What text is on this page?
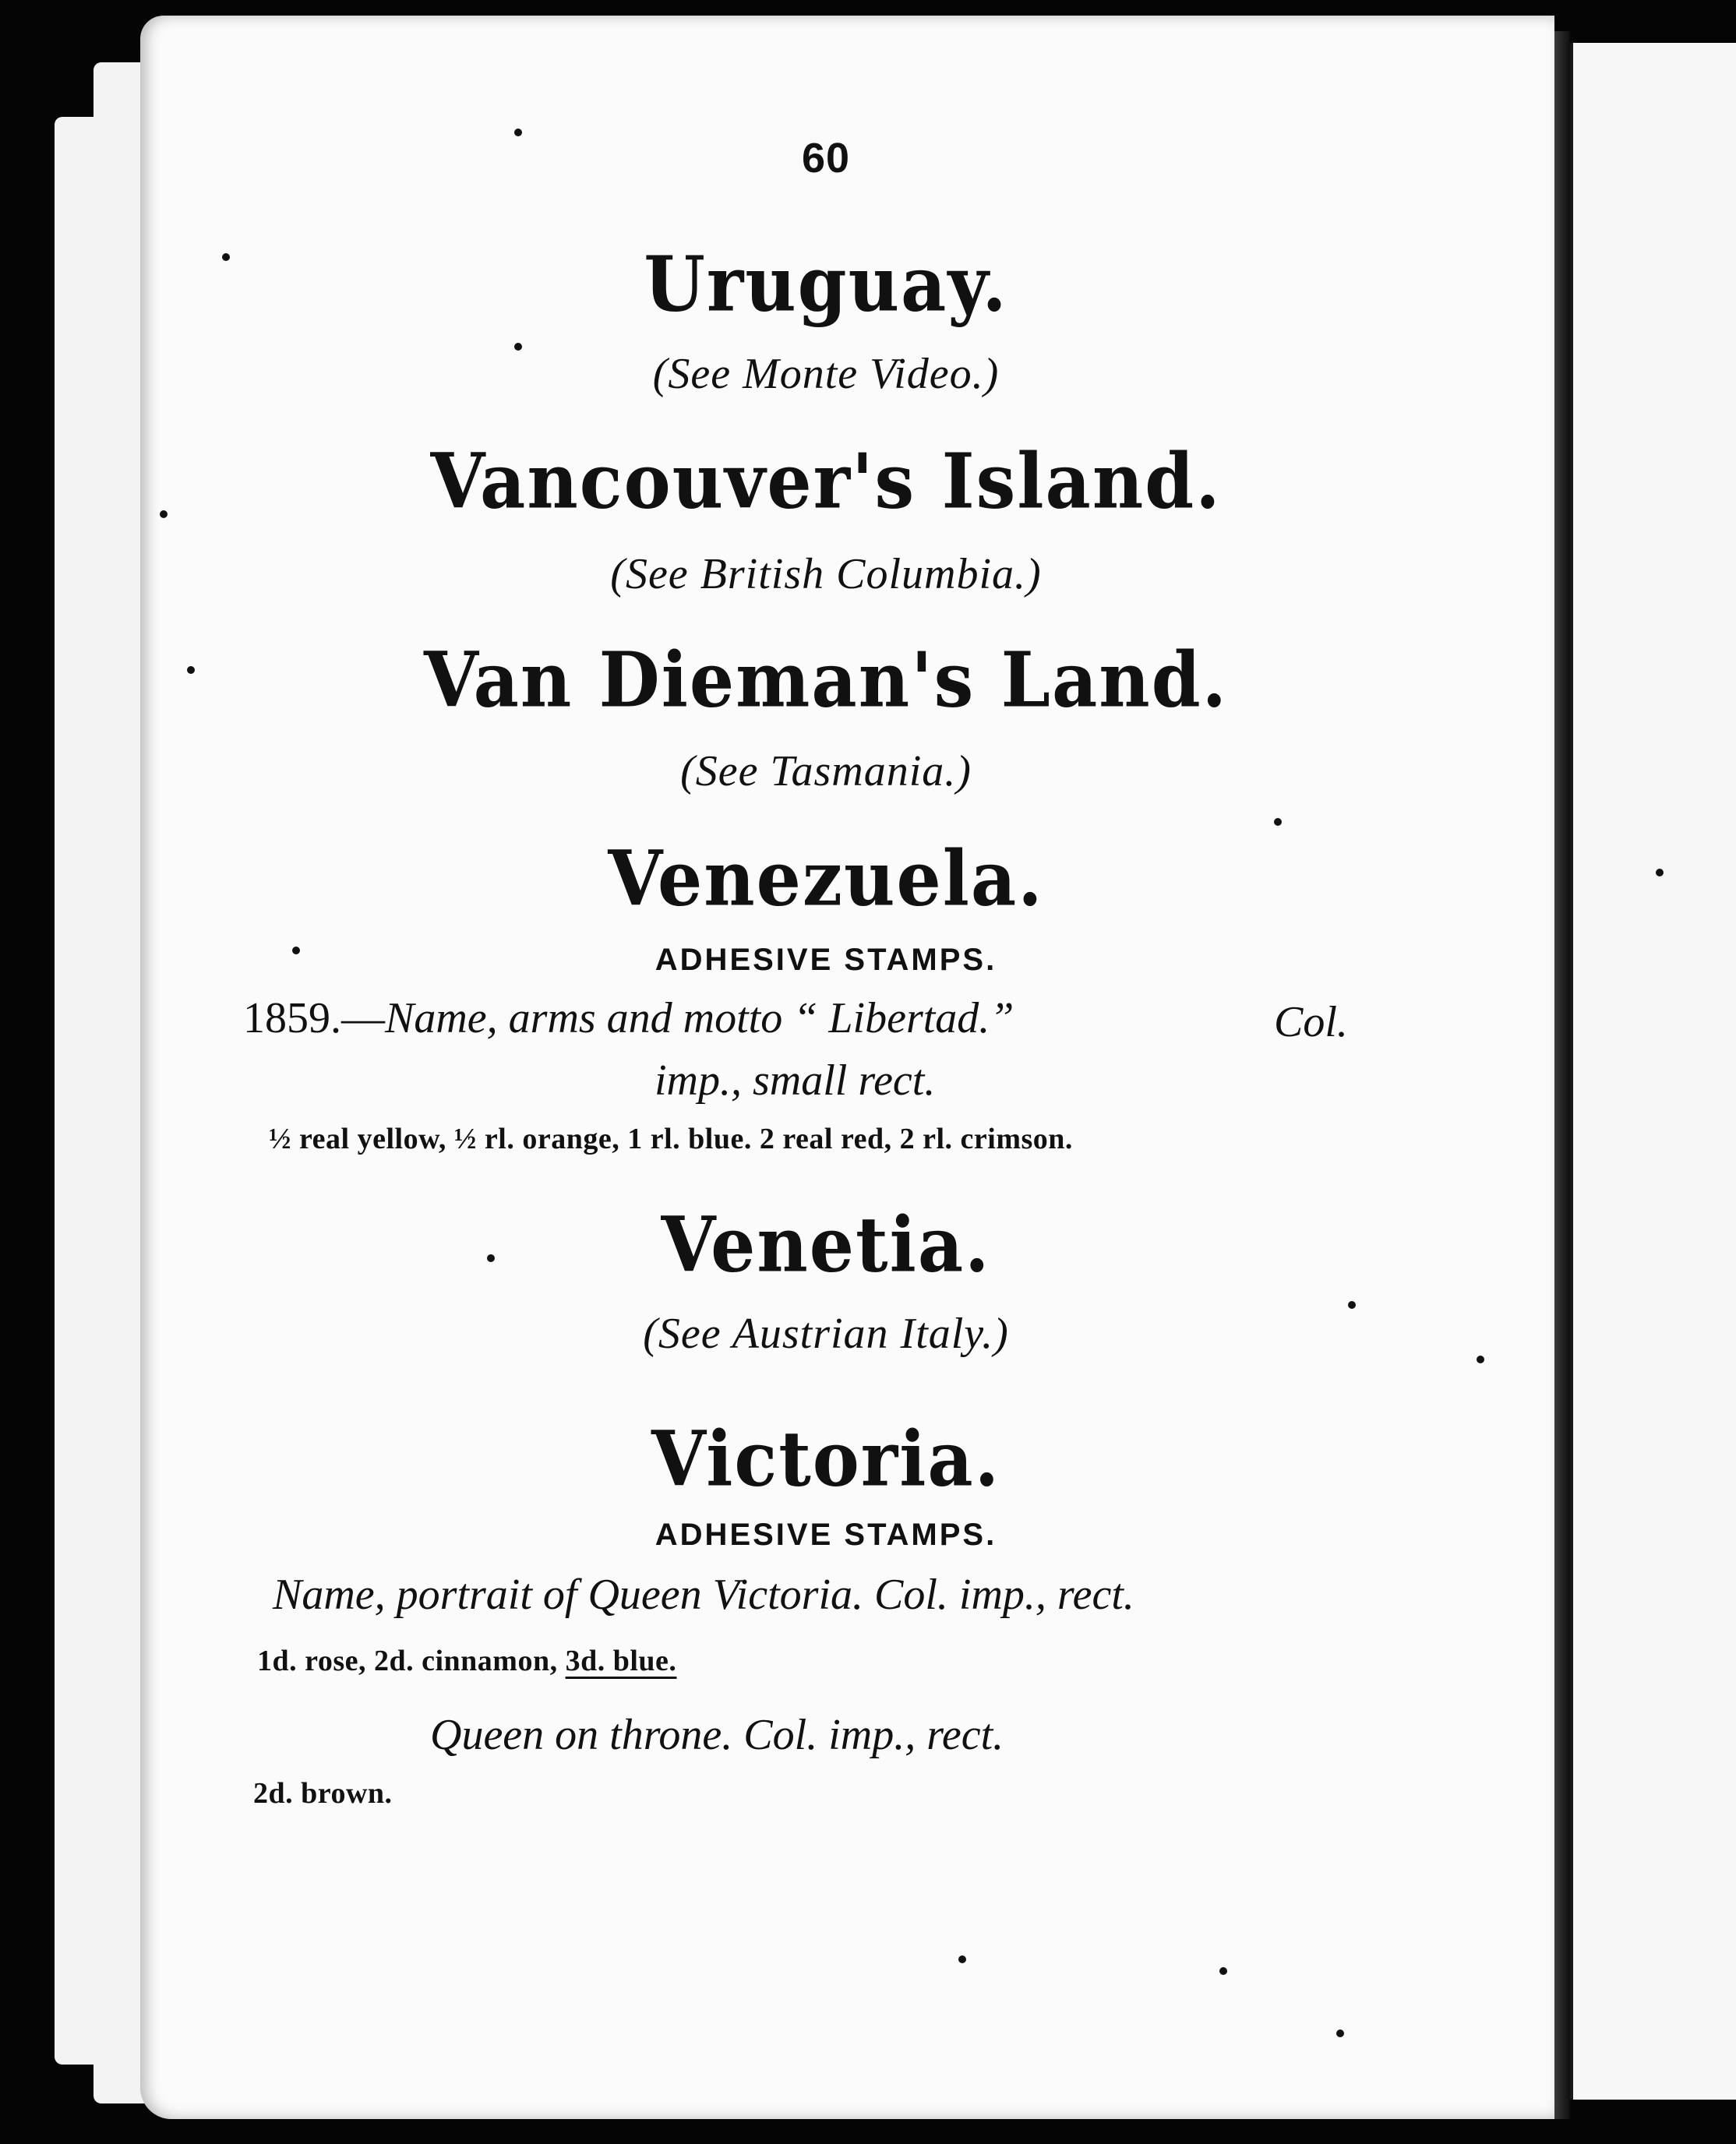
60
Uruguay.
(See Monte Video.)
Vancouver's Island.
(See British Columbia.)
Van Dieman's Land.
(See Tasmania.)
Venezuela.
ADHESIVE STAMPS.
1859.—Name, arms and motto “ Libertad.”	Col.
imp., small rect.
½ real yellow, ½ rl. orange, 1 rl. blue. 2 real red, 2 rl. crimson.
Venetia.
(See Austrian Italy.)
Victoria.
ADHESIVE STAMPS.
Name, portrait of Queen Victoria. Col. imp., rect.
1d. rose, 2d. cinnamon, 3d. blue.
Queen on throne. Col. imp., rect.
2d. brown.
